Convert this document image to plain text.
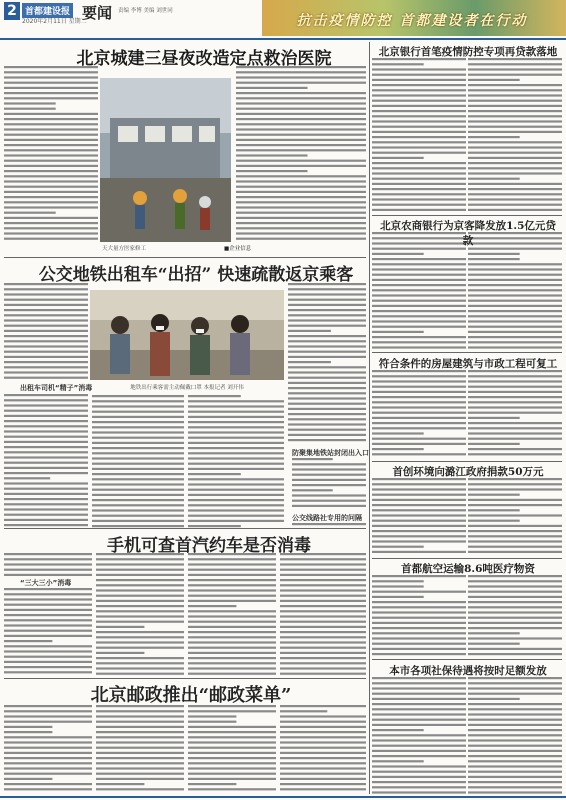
2 首都建设报
2020年2月11日 星期二
要闻 责编 李博 美编 刘世同
抗击疫情防控 首都建设者在行动
北京城建三昼夜改造定点救治医院
公交地铁出租车“出招” 快速疏散返京乘客
手机可查首汽约车是否消毒
北京邮政推出“邮政菜单”
北京银行首笔疫情防控专项再贷款落地
北京农商银行为京客降发放1.5亿元贷款
符合条件的房屋建筑与市政工程可复工
首创环境向潞江政府捐款50万元
首都航空运输8.6吨医疗物资
本市各项社保待遇将按时足额发放
出租车司机“精子”消毒
防聚集地铁站封闭出入口
公交线路社专用的问隔
“三大三小”消毒
天大量方医家修工	■企业信息
地铁出行乘客需主动佩戴口罩 本报记者 刘开伟
